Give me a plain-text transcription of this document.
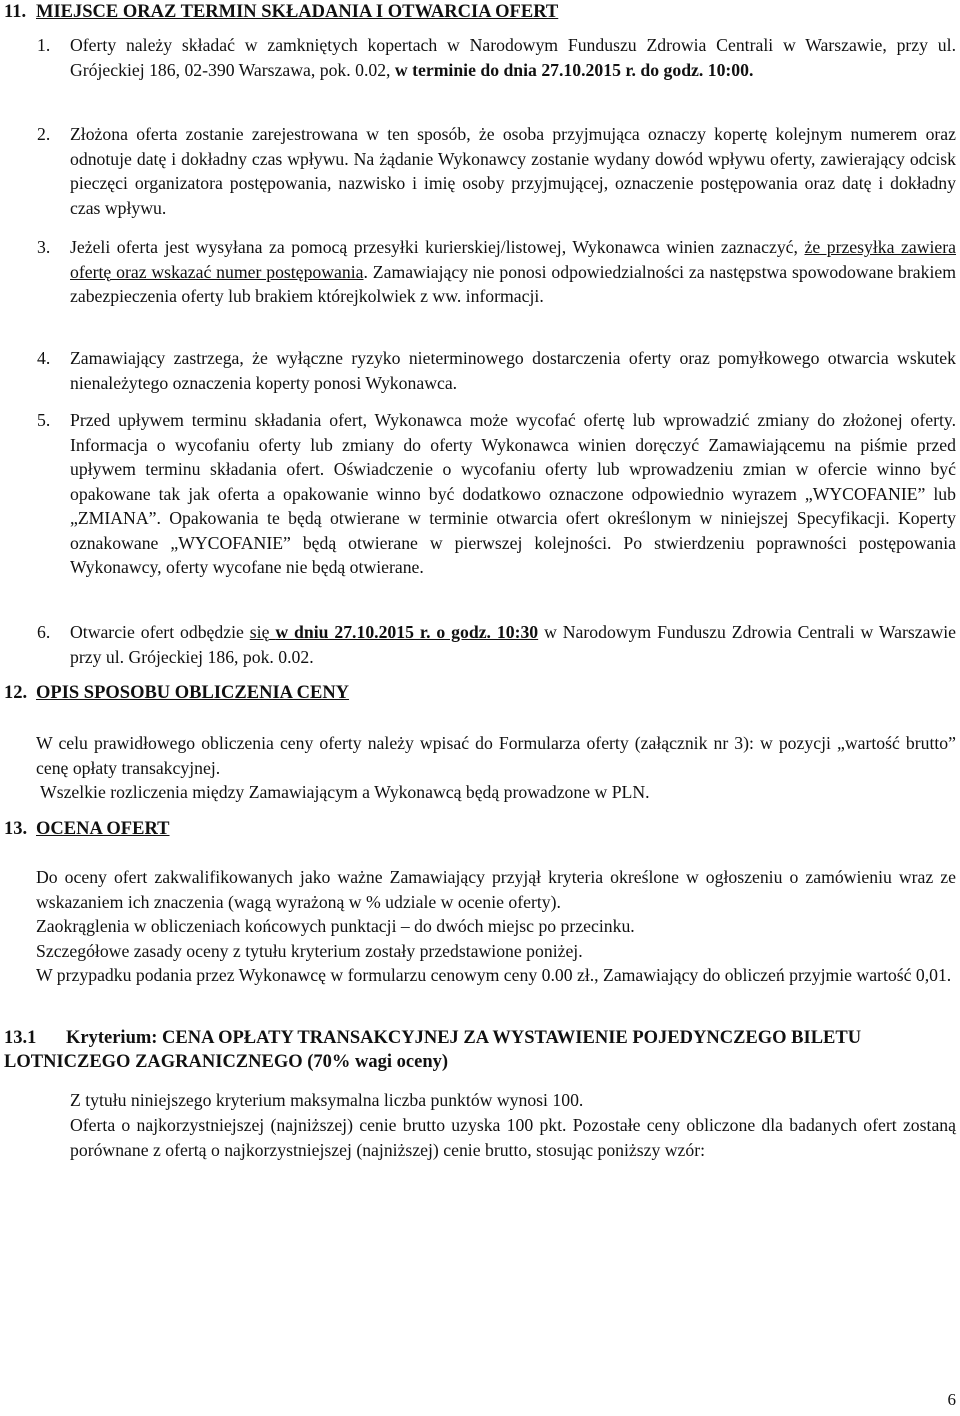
11. MIEJSCE ORAZ TERMIN SKŁADANIA I OTWARCIA OFERT
1. Oferty należy składać w zamkniętych kopertach w Narodowym Funduszu Zdrowia Centrali w Warszawie, przy ul. Grójeckiej 186, 02-390 Warszawa, pok. 0.02, w terminie do dnia 27.10.2015 r. do godz. 10:00.
2. Złożona oferta zostanie zarejestrowana w ten sposób, że osoba przyjmująca oznaczy kopertę kolejnym numerem oraz odnotuje datę i dokładny czas wpływu. Na żądanie Wykonawcy zostanie wydany dowód wpływu oferty, zawierający odcisk pieczęci organizatora postępowania, nazwisko i imię osoby przyjmującej, oznaczenie postępowania oraz datę i dokładny czas wpływu.
3. Jeżeli oferta jest wysyłana za pomocą przesyłki kurierskiej/listowej, Wykonawca winien zaznaczyć, że przesyłka zawiera ofertę oraz wskazać numer postępowania. Zamawiający nie ponosi odpowiedzialności za następstwa spowodowane brakiem zabezpieczenia oferty lub brakiem którejkolwiek z ww. informacji.
4. Zamawiający zastrzega, że wyłączne ryzyko nieterminowego dostarczenia oferty oraz pomyłkowego otwarcia wskutek nienależytego oznaczenia koperty ponosi Wykonawca.
5. Przed upływem terminu składania ofert, Wykonawca może wycofać ofertę lub wprowadzić zmiany do złożonej oferty. Informacja o wycofaniu oferty lub zmiany do oferty Wykonawca winien doręczyć Zamawiającemu na piśmie przed upływem terminu składania ofert. Oświadczenie o wycofaniu oferty lub wprowadzeniu zmian w ofercie winno być opakowane tak jak oferta a opakowanie winno być dodatkowo oznaczone odpowiednio wyrazem „WYCOFANIE” lub „ZMIANA”. Opakowania te będą otwierane w terminie otwarcia ofert określonym w niniejszej Specyfikacji. Koperty oznakowane „WYCOFANIE” będą otwierane w pierwszej kolejności. Po stwierdzeniu poprawności postępowania Wykonawcy, oferty wycofane nie będą otwierane.
6. Otwarcie ofert odbędzie się w dniu 27.10.2015 r. o godz. 10:30 w Narodowym Funduszu Zdrowia Centrali w Warszawie przy ul. Grójeckiej 186, pok. 0.02.
12. OPIS SPOSOBU OBLICZENIA CENY
W celu prawidłowego obliczenia ceny oferty należy wpisać do Formularza oferty (załącznik nr 3): w pozycji „wartość brutto” cenę opłaty transakcyjnej.
Wszelkie rozliczenia między Zamawiającym a Wykonawcą będą prowadzone w PLN.
13. OCENA OFERT
Do oceny ofert zakwalifikowanych jako ważne Zamawiający przyjął kryteria określone w ogłoszeniu o zamówieniu wraz ze wskazaniem ich znaczenia (wagą wyrażoną w % udziale w ocenie oferty).
Zaokrąglenia w obliczeniach końcowych punktacji – do dwóch miejsc po przecinku.
Szczegółowe zasady oceny z tytułu kryterium zostały przedstawione poniżej.
W przypadku podania przez Wykonawcę w formularzu cenowym ceny 0.00 zł., Zamawiający do obliczeń przyjmie wartość 0,01.
13.1 Kryterium: CENA OPŁATY TRANSAKCYJNEJ ZA WYSTAWIENIE POJEDYNCZEGO BILETU LOTNICZEGO ZAGRANICZNEGO (70% wagi oceny)
Z tytułu niniejszego kryterium maksymalna liczba punktów wynosi 100.
Oferta o najkorzystniejszej (najniższej) cenie brutto uzyska 100 pkt. Pozostałe ceny obliczone dla badanych ofert zostaną porównane z ofertą o najkorzystniejszej (najniższej) cenie brutto, stosując poniższy wzór:
6
